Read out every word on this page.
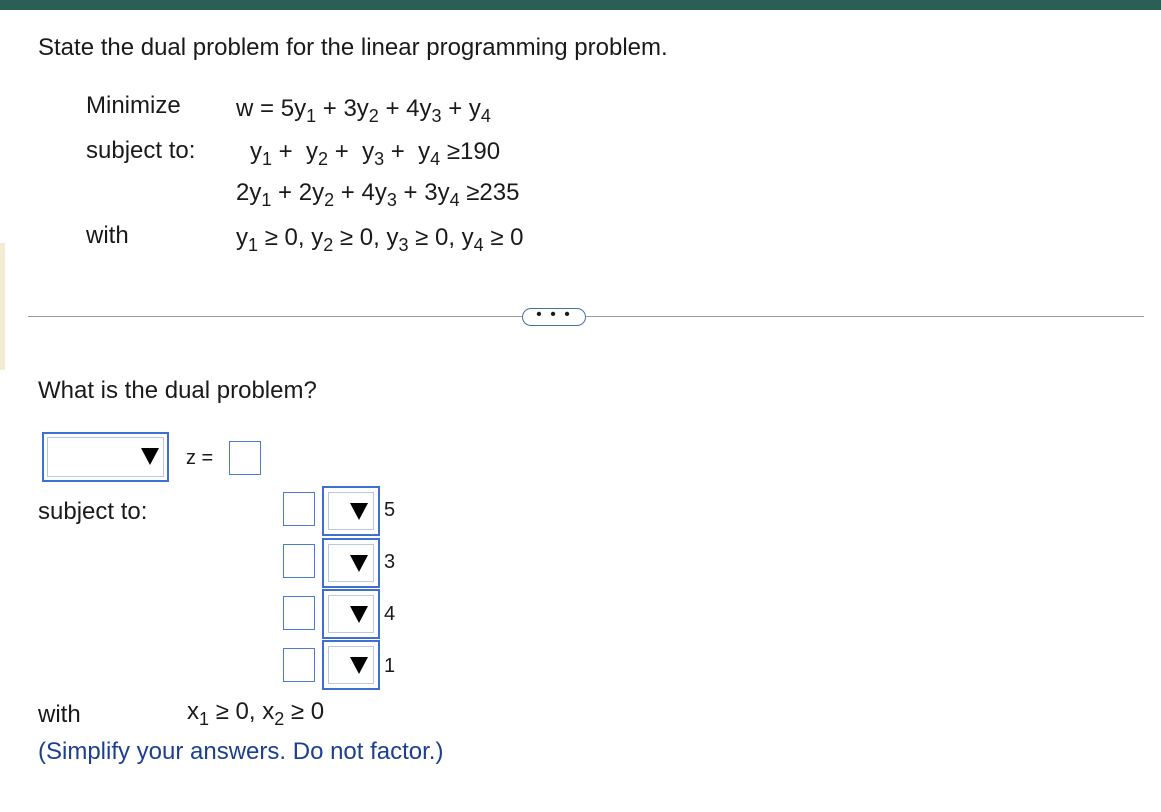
State the dual problem for the linear programming problem.
Minimize $w = 5y_1 + 3y_2 + 4y_3 + y_4$
subject to: $y_1 + y_2 + y_3 + y_4 \ge 190$
$2y_1 + 2y_2 + 4y_3 + 3y_4 \ge 235$
with	$y_1 \ge 0$, $y_2 \ge 0$, $y_3 \ge 0$, $y_4 \ge 0$
• • •
What is the dual problem?
z =
subject to:	5
3
4
1
with	$x_1 \ge 0$, $x_2 \ge 0$
(Simplify your answers. Do not factor.)
